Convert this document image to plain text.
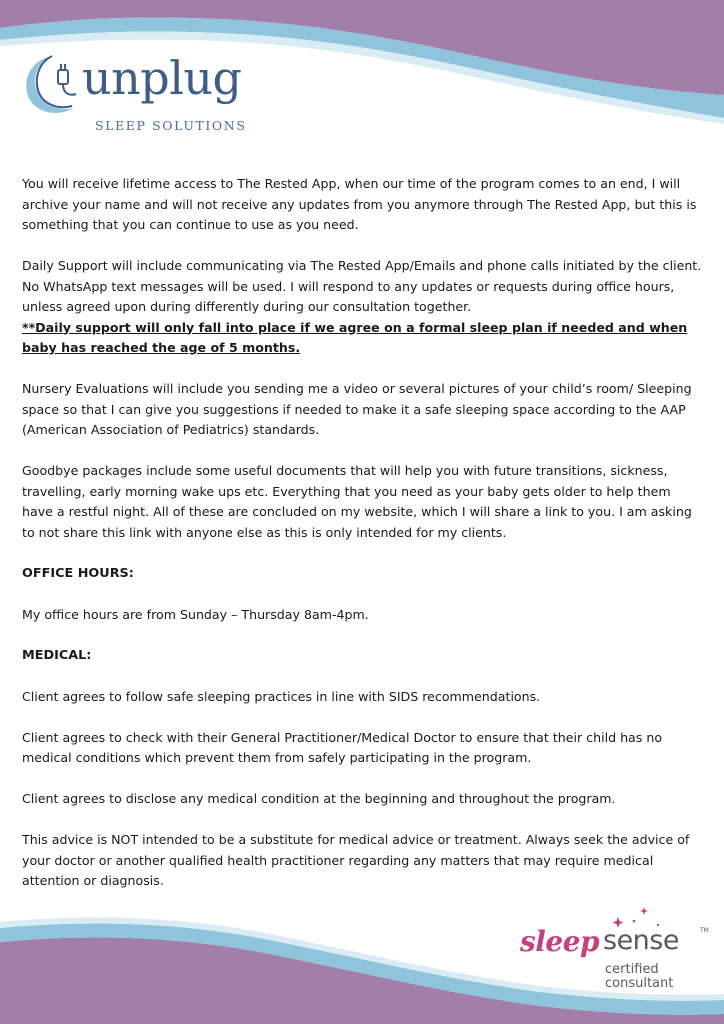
unplug
SLEEP SOLUTIONS

You will receive lifetime access to The Rested App, when our time of the program comes to an end, I will archive your name and will not receive any updates from you anymore through The Rested App, but this is something that you can continue to use as you need.

Daily Support will include communicating via The Rested App/Emails and phone calls initiated by the client. No WhatsApp text messages will be used. I will respond to any updates or requests during office hours, unless agreed upon during differently during our consultation together.

**Daily support will only fall into place if we agree on a formal sleep plan if needed and when baby has reached the age of 5 months.

Nursery Evaluations will include you sending me a video or several pictures of your child’s room/ Sleeping space so that I can give you suggestions if needed to make it a safe sleeping space according to the AAP (American Association of Pediatrics) standards.

Goodbye packages include some useful documents that will help you with future transitions, sickness, travelling, early morning wake ups etc. Everything that you need as your baby gets older to help them have a restful night. All of these are concluded on my website, which I will share a link to you. I am asking to not share this link with anyone else as this is only intended for my clients.

OFFICE HOURS:

My office hours are from Sunday – Thursday 8am-4pm.

MEDICAL:

Client agrees to follow safe sleeping practices in line with SIDS recommendations.

Client agrees to check with their General Practitioner/Medical Doctor to ensure that their child has no medical conditions which prevent them from safely participating in the program.

Client agrees to disclose any medical condition at the beginning and throughout the program.

This advice is NOT intended to be a substitute for medical advice or treatment. Always seek the advice of your doctor or another qualified health practitioner regarding any matters that may require medical attention or diagnosis.

sleep sense	TM
certified
consultant
